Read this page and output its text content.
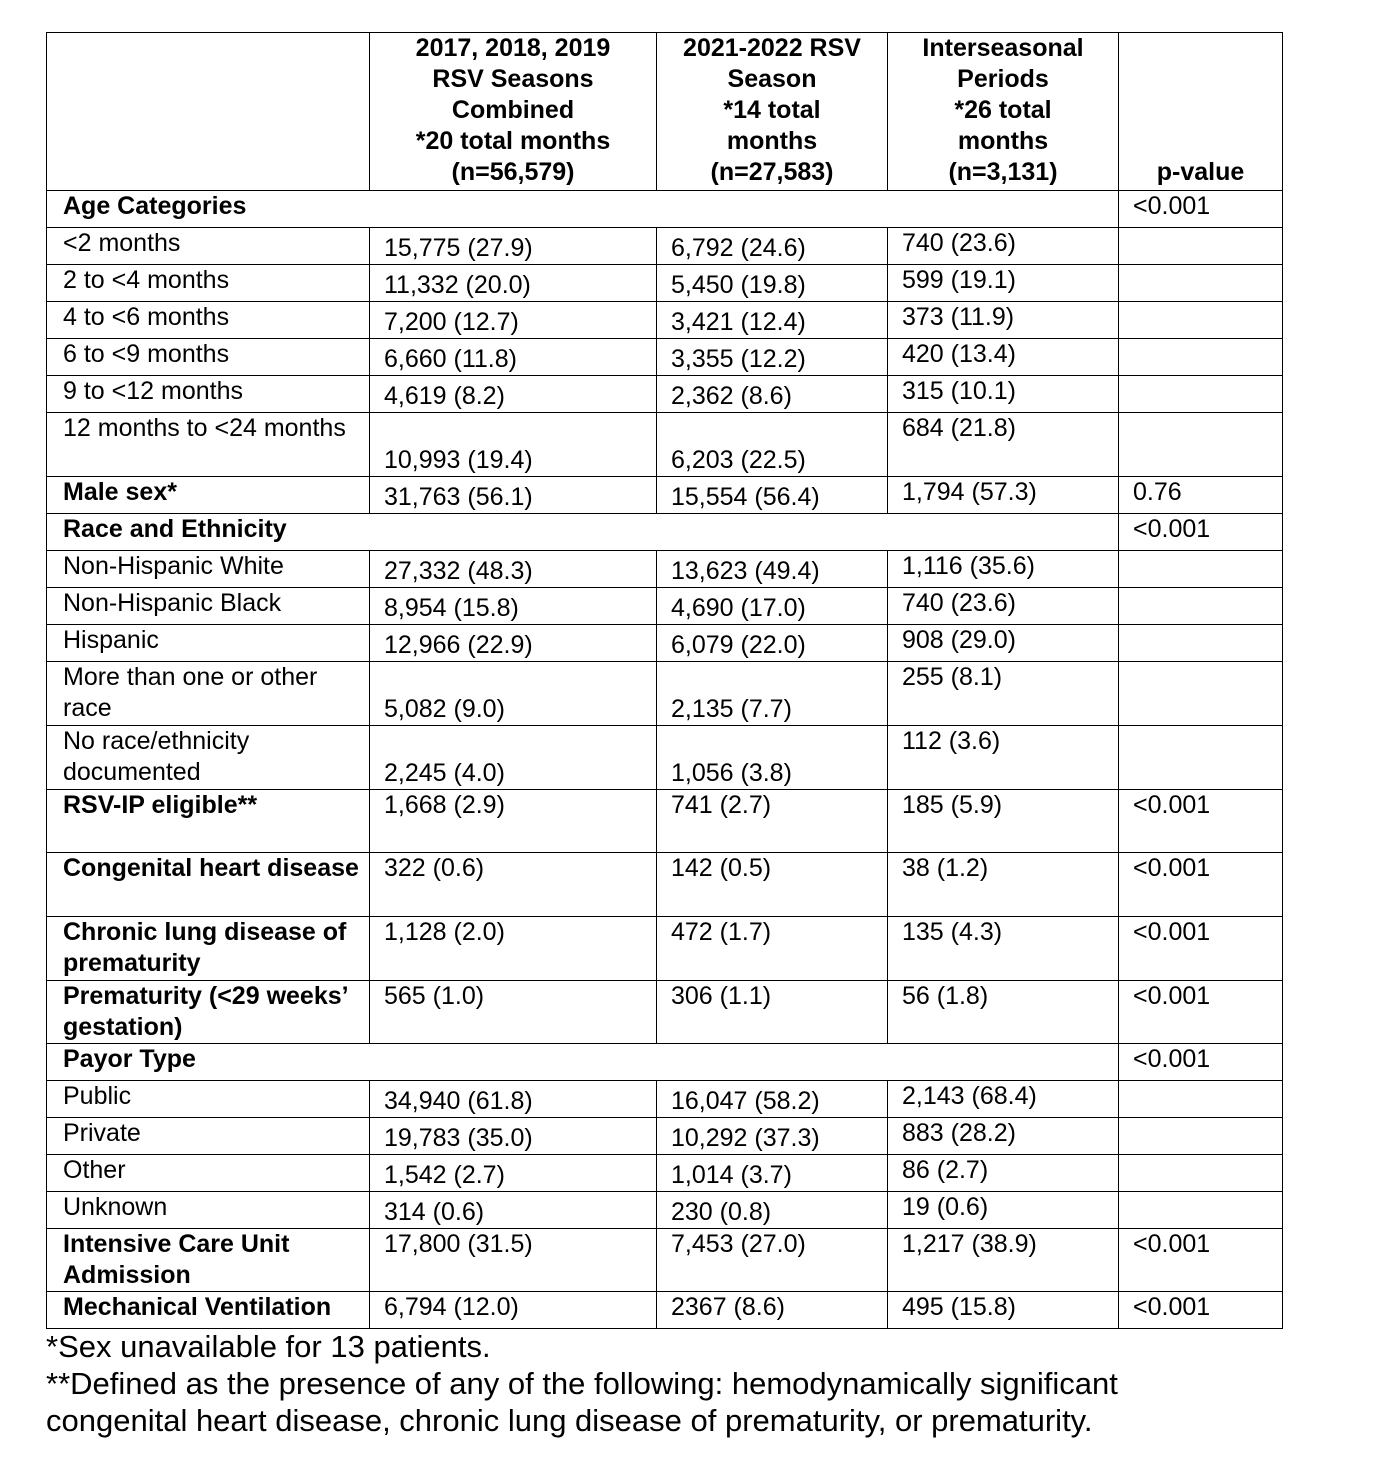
	2017, 2018, 2019
RSV Seasons
Combined
*20 total months
(n=56,579)	2021-2022 RSV
Season
*14 total
months
(n=27,583)	Interseasonal
Periods
*26 total
months
(n=3,131)	p-value

Age Categories				<0.001
<2 months	15,775 (27.9)	6,792 (24.6)	740 (23.6)	
2 to <4 months	11,332 (20.0)	5,450 (19.8)	599 (19.1)	
4 to <6 months	7,200 (12.7)	3,421 (12.4)	373 (11.9)	
6 to <9 months	6,660 (11.8)	3,355 (12.2)	420 (13.4)	
9 to <12 months	4,619 (8.2)	2,362 (8.6)	315 (10.1)	
12 months to <24 months	10,993 (19.4)	6,203 (22.5)	684 (21.8)	
Male sex*	31,763 (56.1)	15,554 (56.4)	1,794 (57.3)	0.76
Race and Ethnicity				<0.001
Non-Hispanic White	27,332 (48.3)	13,623 (49.4)	1,116 (35.6)	
Non-Hispanic Black	8,954 (15.8)	4,690 (17.0)	740 (23.6)	
Hispanic	12,966 (22.9)	6,079 (22.0)	908 (29.0)	
More than one or other race	5,082 (9.0)	2,135 (7.7)	255 (8.1)	
No race/ethnicity documented	2,245 (4.0)	1,056 (3.8)	112 (3.6)	
RSV-IP eligible**	1,668 (2.9)	741 (2.7)	185 (5.9)	<0.001
Congenital heart disease	322 (0.6)	142 (0.5)	38 (1.2)	<0.001
Chronic lung disease of prematurity	1,128 (2.0)	472 (1.7)	135 (4.3)	<0.001
Prematurity (<29 weeks’ gestation)	565 (1.0)	306 (1.1)	56 (1.8)	<0.001
Payor Type				<0.001
Public	34,940 (61.8)	16,047 (58.2)	2,143 (68.4)	
Private	19,783 (35.0)	10,292 (37.3)	883 (28.2)	
Other	1,542 (2.7)	1,014 (3.7)	86 (2.7)	
Unknown	314 (0.6)	230 (0.8)	19 (0.6)	
Intensive Care Unit Admission	17,800 (31.5)	7,453 (27.0)	1,217 (38.9)	<0.001
Mechanical Ventilation	6,794 (12.0)	2367 (8.6)	495 (15.8)	<0.001
*Sex unavailable for 13 patients.
**Defined as the presence of any of the following: hemodynamically significant
congenital heart disease, chronic lung disease of prematurity, or prematurity.
